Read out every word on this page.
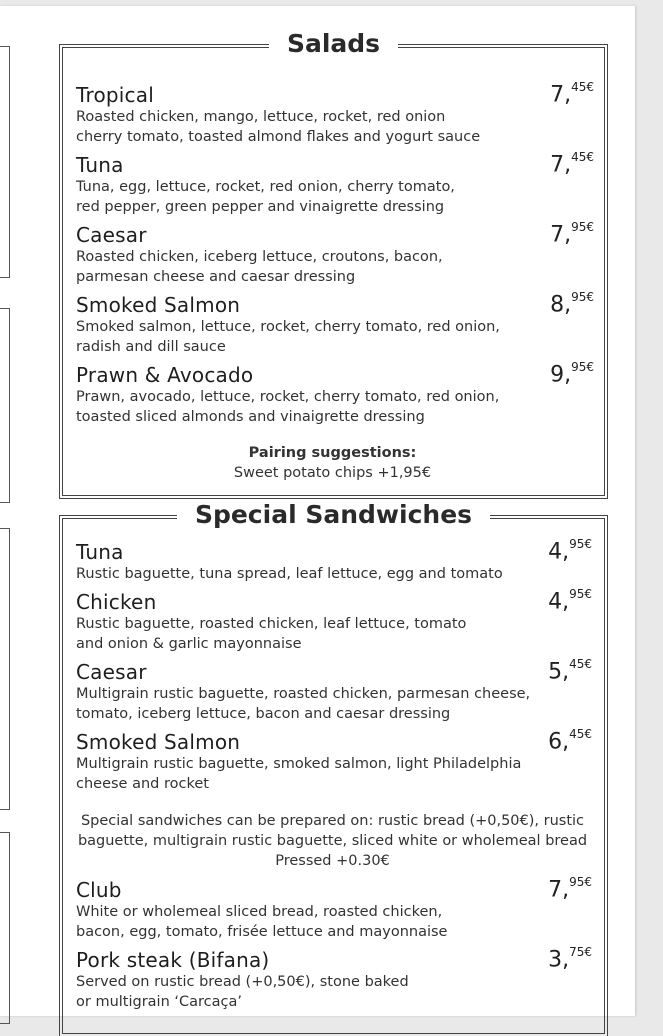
Salads
Tropical
Roasted chicken, mango, lettuce, rocket, red onion
cherry tomato, toasted almond flakes and yogurt sauce
7,$^{45€}$
Tuna
Tuna, egg, lettuce, rocket, red onion, cherry tomato,
red pepper, green pepper and vinaigrette dressing
7,$^{45€}$
Caesar
Roasted chicken, iceberg lettuce, croutons, bacon,
parmesan cheese and caesar dressing
7,$^{95€}$
Smoked Salmon
Smoked salmon, lettuce, rocket, cherry tomato, red onion,
radish and dill sauce
8,$^{95€}$
Prawn & Avocado
Prawn, avocado, lettuce, rocket, cherry tomato, red onion,
toasted sliced almonds and vinaigrette dressing
9,$^{95€}$
Pairing suggestions:
Sweet potato chips +1,95€
Special Sandwiches
Tuna
Rustic baguette, tuna spread, leaf lettuce, egg and tomato
4,$^{95€}$
Chicken
Rustic baguette, roasted chicken, leaf lettuce, tomato
and onion & garlic mayonnaise
4,$^{95€}$
Caesar
Multigrain rustic baguette, roasted chicken, parmesan cheese,
tomato, iceberg lettuce, bacon and caesar dressing
5,$^{45€}$
Smoked Salmon
Multigrain rustic baguette, smoked salmon, light Philadelphia
cheese and rocket
6,$^{45€}$
Special sandwiches can be prepared on: rustic bread (+0,50€), rustic
baguette, multigrain rustic baguette, sliced white or wholemeal bread
Pressed +0.30€
Club
White or wholemeal sliced bread, roasted chicken,
bacon, egg, tomato, frisée lettuce and mayonnaise
7,$^{95€}$
Pork steak (Bifana)
Served on rustic bread (+0,50€), stone baked
or multigrain ‘Carcaça’
3,$^{75€}$
